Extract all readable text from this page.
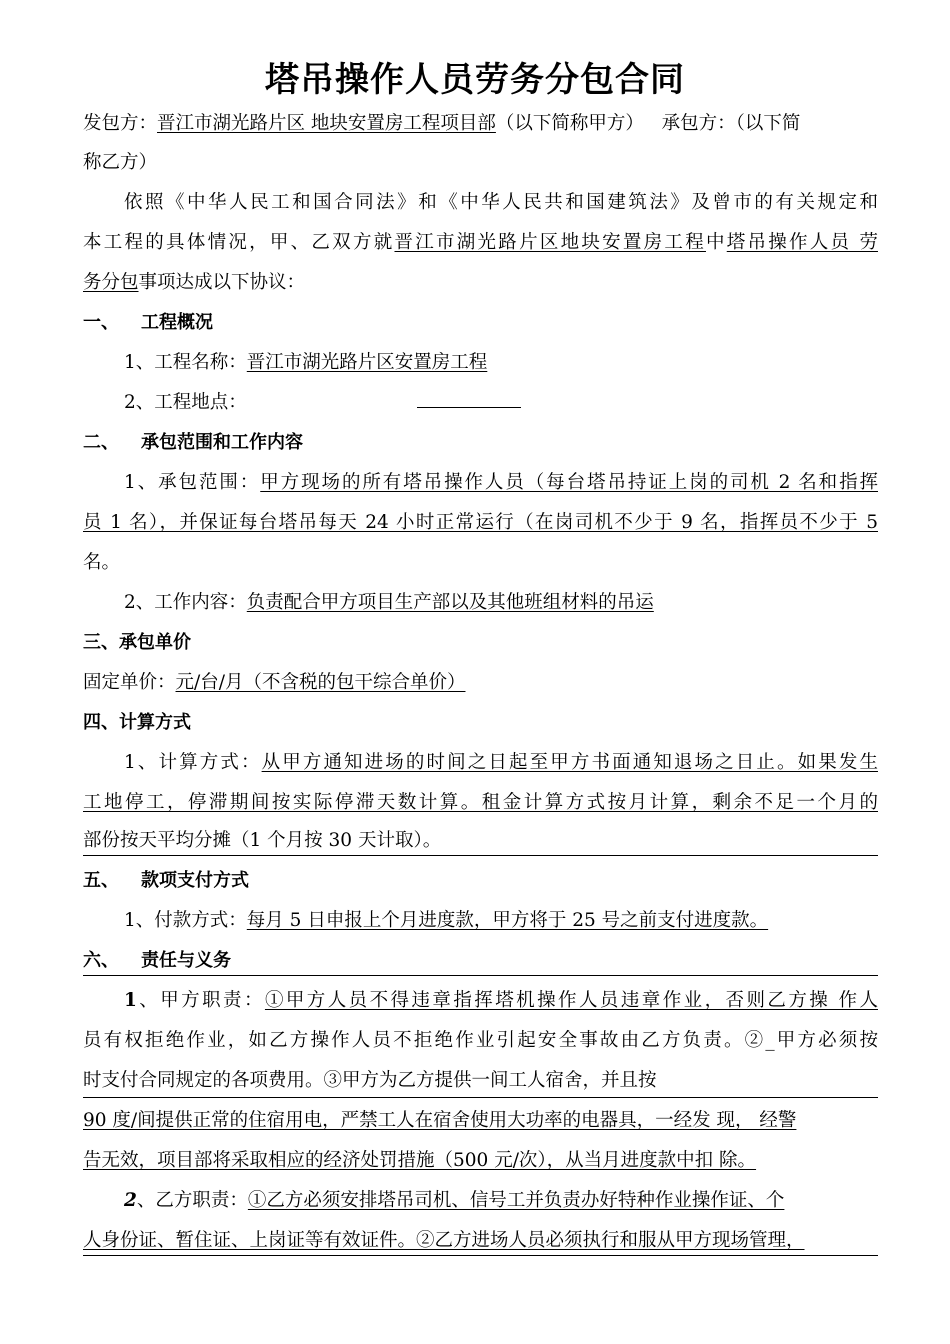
塔吊操作人员劳务分包合同
发包方：晋江市湖光路片区 地块安置房工程项目部（以下简称甲方） 承包方：（以下简
称乙方）
依照《中华人民工和国合同法》和《中华人民共和国建筑法》及曾市的有关规定和
本工程的具体情况，甲、乙双方就晋江市湖光路片区地块安置房工程中塔吊操作人员 劳
务分包事项达成以下协议：
一、 工程概况
1、工程名称：晋江市湖光路片区安置房工程
2、工程地点：
二、 承包范围和工作内容
1、承包范围：甲方现场的所有塔吊操作人员（每台塔吊持证上岗的司机 2 名和指挥
员 1 名），并保证每台塔吊每天 24 小时正常运行（在岗司机不少于 9 名，指挥员不少于 5
名。
2、工作内容：负责配合甲方项目生产部以及其他班组材料的吊运
三、承包单价
固定单价：元/台/月（不含税的包干综合单价）
四、计算方式
1、计算方式：从甲方通知进场的时间之日起至甲方书面通知退场之日止。如果发生
工地停工，停滞期间按实际停滞天数计算。租金计算方式按月计算，剩余不足一个月的
部份按天平均分摊（1 个月按 30 天计取）。
五、 款项支付方式
1、付款方式：每月 5 日申报上个月进度款，甲方将于 25 号之前支付进度款。
六、 责任与义务
1、甲方职责：①甲方人员不得违章指挥塔机操作人员违章作业，否则乙方操 作人
员有权拒绝作业，如乙方操作人员不拒绝作业引起安全事故由乙方负责。②_甲方必须按
时支付合同规定的各项费用。③甲方为乙方提供一间工人宿舍，并且按
90 度/间提供正常的住宿用电，严禁工人在宿舍使用大功率的电器具，一经发 现， 经警
告无效，项目部将采取相应的经济处罚措施（500 元/次），从当月进度款中扣 除。
2、乙方职责：①乙方必须安排塔吊司机、信号工并负责办好特种作业操作证、个
人身份证、暂住证、上岗证等有效证件。②乙方进场人员必须执行和服从甲方现场管理，
